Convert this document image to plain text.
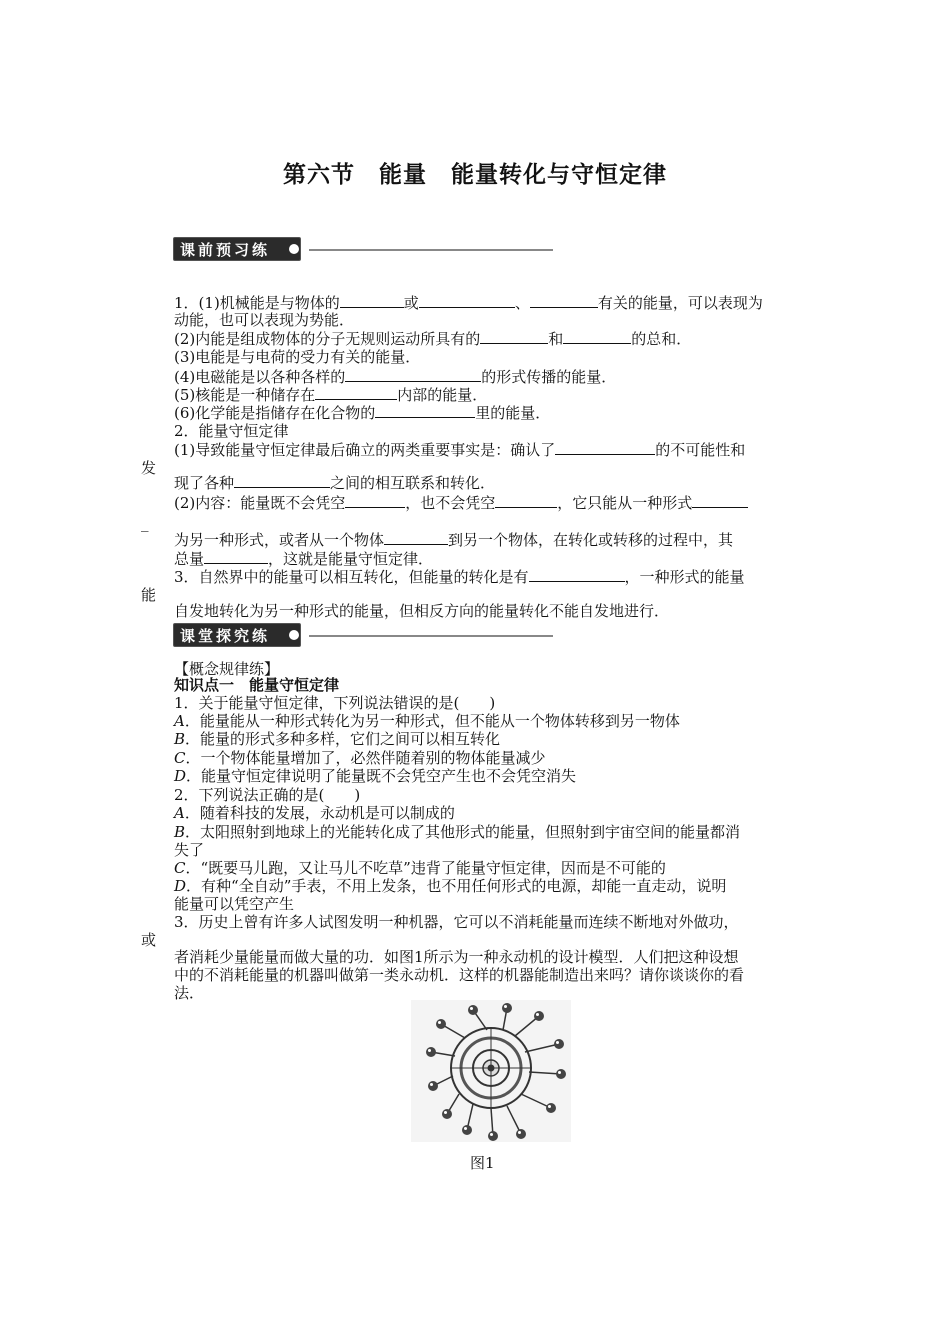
第六节　能量　能量转化与守恒定律
课前预习练
1．(1)机械能是与物体的	或	、	有关的能量，可以表现为
动能，也可以表现为势能．
(2)内能是组成物体的分子无规则运动所具有的	和	的总和．
(3)电能是与电荷的受力有关的能量．
(4)电磁能是以各种各样的	的形式传播的能量．
(5)核能是一种储存在	内部的能量．
(6)化学能是指储存在化合物的	里的能量．
2．能量守恒定律
(1)导致能量守恒定律最后确立的两类重要事实是：确认了	的不可能性和
发
现了各种	之间的相互联系和转化．
(2)内容：能量既不会凭空	，也不会凭空	，它只能从一种形式
_
为另一种形式，或者从一个物体	到另一个物体，在转化或转移的过程中，其
总量	，这就是能量守恒定律．
3．自然界中的能量可以相互转化，但能量的转化是有	，一种形式的能量
能
自发地转化为另一种形式的能量，但相反方向的能量转化不能自发地进行．
课堂探究练
【概念规律练】
知识点一　能量守恒定律
1．关于能量守恒定律，下列说法错误的是(　　)
A．能量能从一种形式转化为另一种形式，但不能从一个物体转移到另一物体
B．能量的形式多种多样，它们之间可以相互转化
C．一个物体能量增加了，必然伴随着别的物体能量减少
D．能量守恒定律说明了能量既不会凭空产生也不会凭空消失
2．下列说法正确的是(　　)
A．随着科技的发展，永动机是可以制成的
B．太阳照射到地球上的光能转化成了其他形式的能量，但照射到宇宙空间的能量都消
失了
C．“既要马儿跑，又让马儿不吃草”违背了能量守恒定律，因而是不可能的
D．有种“全自动”手表，不用上发条，也不用任何形式的电源，却能一直走动，说明
能量可以凭空产生
3．历史上曾有许多人试图发明一种机器，它可以不消耗能量而连续不断地对外做功，
或
者消耗少量能量而做大量的功．如图1所示为一种永动机的设计模型．人们把这种设想
中的不消耗能量的机器叫做第一类永动机．这样的机器能制造出来吗？请你谈谈你的看
法．
图1
